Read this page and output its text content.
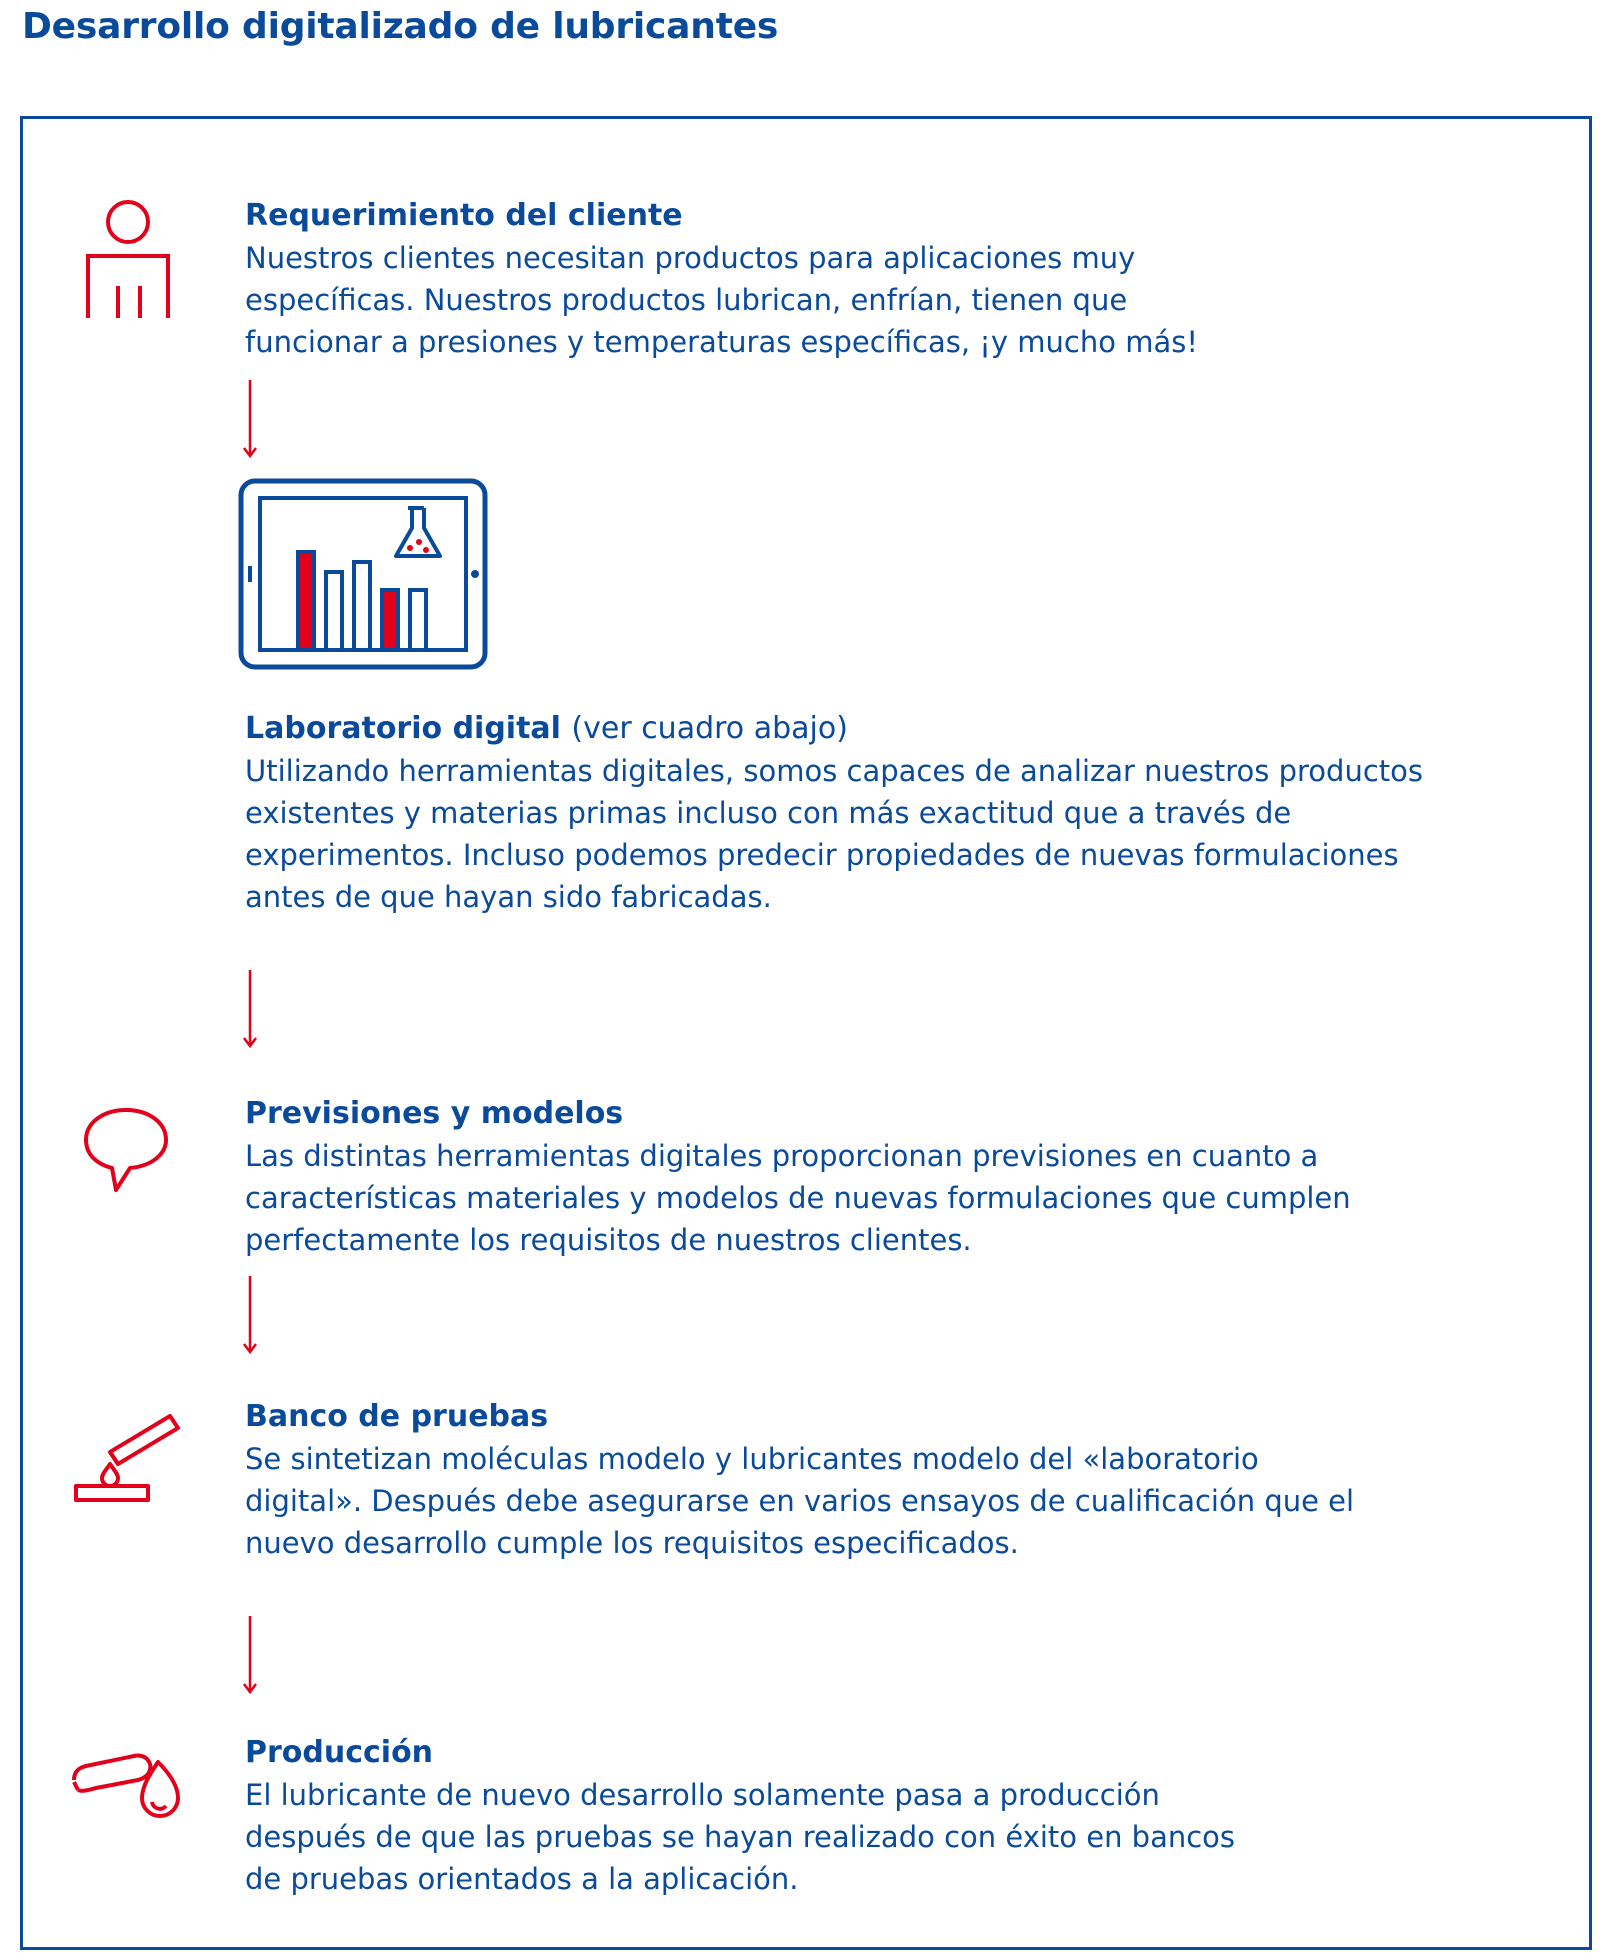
Desarrollo digitalizado de lubricantes

Requerimiento del cliente

Nuestros clientes necesitan productos para aplicaciones muy
específicas. Nuestros productos lubrican, enfrían, tienen que
funcionar a presiones y temperaturas específicas, ¡y mucho más!

Laboratorio digital (ver cuadro abajo)

Utilizando herramientas digitales, somos capaces de analizar nuestros productos
existentes y materias primas incluso con más exactitud que a través de
experimentos. Incluso podemos predecir propiedades de nuevas formulaciones
antes de que hayan sido fabricadas.

Previsiones y modelos

Las distintas herramientas digitales proporcionan previsiones en cuanto a
características materiales y modelos de nuevas formulaciones que cumplen
perfectamente los requisitos de nuestros clientes.

Banco de pruebas

Se sintetizan moléculas modelo y lubricantes modelo del «laboratorio
digital». Después debe asegurarse en varios ensayos de cualificación que el
nuevo desarrollo cumple los requisitos especificados.

Producción

El lubricante de nuevo desarrollo solamente pasa a producción
después de que las pruebas se hayan realizado con éxito en bancos
de pruebas orientados a la aplicación.
